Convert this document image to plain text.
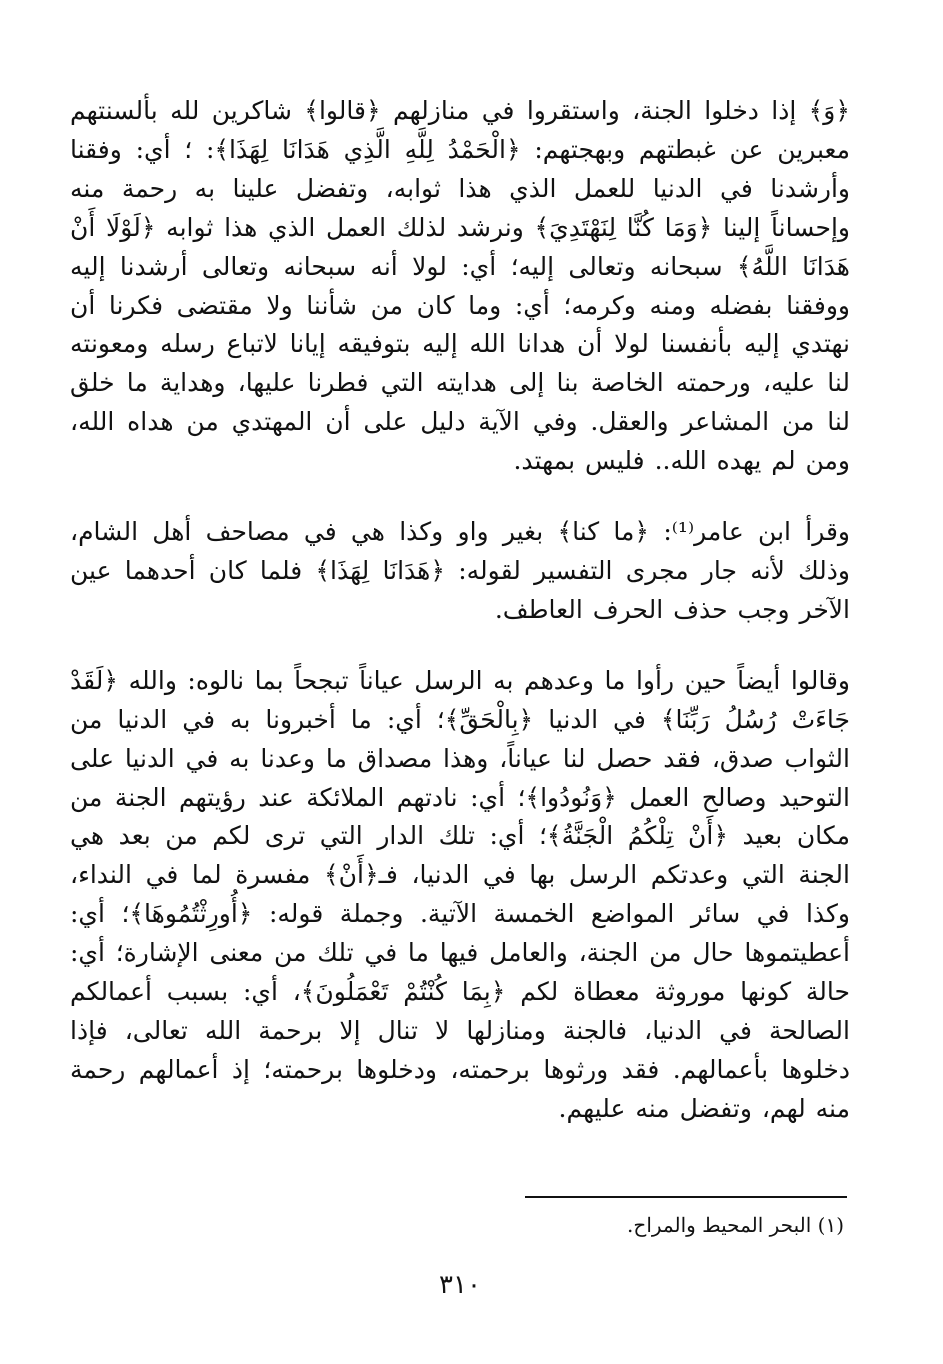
﴿وَ﴾ إذا دخلوا الجنة، واستقروا في منازلهم ﴿قالوا﴾ شاكرين لله بألسنتهم معبرين عن غبطتهم وبهجتهم: ﴿الْحَمْدُ لِلَّهِ الَّذِي هَدَانَا لِهَذَا﴾: ؛ أي: وفقنا وأرشدنا في الدنيا للعمل الذي هذا ثوابه، وتفضل علينا به رحمة منه وإحساناً إلينا ﴿وَمَا كُنَّا لِنَهْتَدِيَ﴾ ونرشد لذلك العمل الذي هذا ثوابه ﴿لَوْلَا أَنْ هَدَانَا اللَّهُ﴾ سبحانه وتعالى إليه؛ أي: لولا أنه سبحانه وتعالى أرشدنا إليه ووفقنا بفضله ومنه وكرمه؛ أي: وما كان من شأننا ولا مقتضى فكرنا أن نهتدي إليه بأنفسنا لولا أن هدانا الله إليه بتوفيقه إيانا لاتباع رسله ومعونته لنا عليه، ورحمته الخاصة بنا إلى هدايته التي فطرنا عليها، وهداية ما خلق لنا من المشاعر والعقل. وفي الآية دليل على أن المهتدي من هداه الله، ومن لم يهده الله.. فليس بمهتد.

وقرأ ابن عامر⁽¹⁾: ﴿ما كنا﴾ بغير واو وكذا هي في مصاحف أهل الشام، وذلك لأنه جار مجرى التفسير لقوله: ﴿هَدَانَا لِهَذَا﴾ فلما كان أحدهما عين الآخر وجب حذف الحرف العاطف.

وقالوا أيضاً حين رأوا ما وعدهم به الرسل عياناً تبجحاً بما نالوه: والله ﴿لَقَدْ جَاءَتْ رُسُلُ رَبِّنَا﴾ في الدنيا ﴿بِالْحَقِّ﴾؛ أي: ما أخبرونا به في الدنيا من الثواب صدق، فقد حصل لنا عياناً، وهذا مصداق ما وعدنا به في الدنيا على التوحيد وصالح العمل ﴿وَنُودُوا﴾؛ أي: نادتهم الملائكة عند رؤيتهم الجنة من مكان بعيد ﴿أَنْ تِلْكُمُ الْجَنَّةُ﴾؛ أي: تلك الدار التي ترى لكم من بعد هي الجنة التي وعدتكم الرسل بها في الدنيا، فـ﴿أَنْ﴾ مفسرة لما في النداء، وكذا في سائر المواضع الخمسة الآتية. وجملة قوله: ﴿أُورِثْتُمُوهَا﴾؛ أي: أعطيتموها حال من الجنة، والعامل فيها ما في تلك من معنى الإشارة؛ أي: حالة كونها موروثة معطاة لكم ﴿بِمَا كُنْتُمْ تَعْمَلُونَ﴾، أي: بسبب أعمالكم الصالحة في الدنيا، فالجنة ومنازلها لا تنال إلا برحمة الله تعالى، فإذا دخلوها بأعمالهم. فقد ورثوها برحمته، ودخلوها برحمته؛ إذ أعمالهم رحمة منه لهم، وتفضل منه عليهم.

(١) البحر المحيط والمراح.
٣١٠
